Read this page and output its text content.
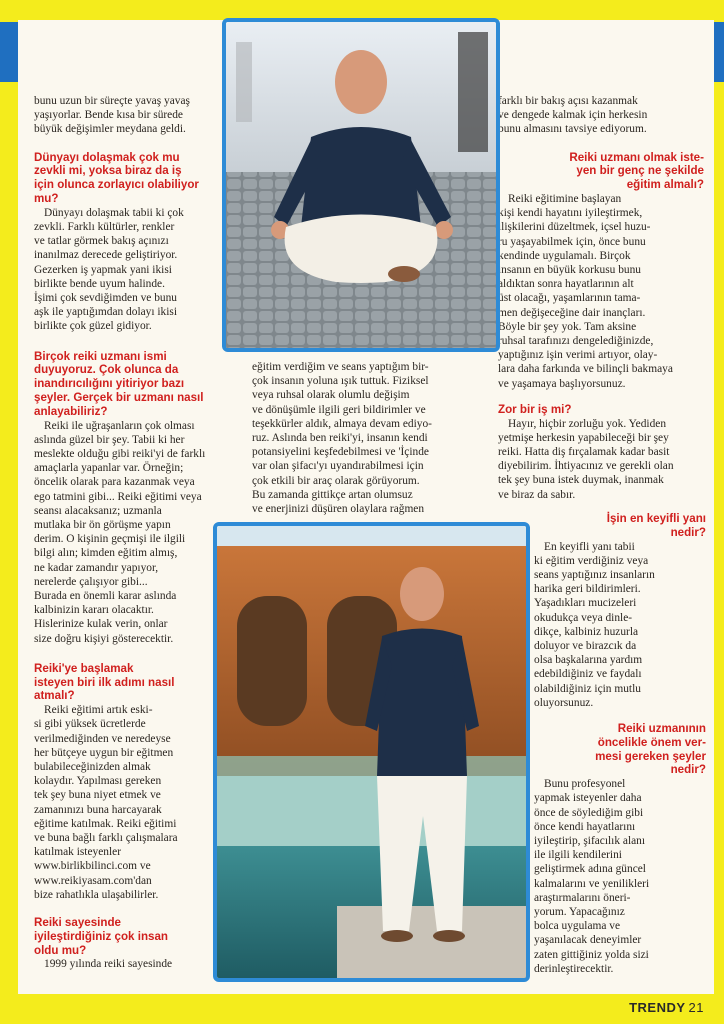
bunu uzun bir süreçte yavaş yavaş
yaşıyorlar. Bende kısa bir sürede
büyük değişimler meydana geldi.

Dünyayı dolaşmak çok mu
zevkli mi, yoksa biraz da iş
için olunca zorlayıcı olabiliyor
mu?

Dünyayı dolaşmak tabii ki çok
zevkli. Farklı kültürler, renkler
ve tatlar görmek bakış açınızı
inanılmaz derecede geliştiriyor.
Gezerken iş yapmak yani ikisi
birlikte bende uyum halinde.
İşimi çok sevdiğimden ve bunu
aşk ile yaptığımdan dolayı ikisi
birlikte çok güzel gidiyor.

Birçok reiki uzmanı ismi
duyuyoruz. Çok olunca da
inandırıcılığını yitiriyor bazı
şeyler. Gerçek bir uzmanı nasıl
anlayabiliriz?

Reiki ile uğraşanların çok olması
aslında güzel bir şey. Tabii ki her
meslekte olduğu gibi reiki'yi de farklı
amaçlarla yapanlar var. Örneğin;
öncelik olarak para kazanmak veya
ego tatmini gibi... Reiki eğitimi veya
seansı alacaksanız; uzmanla
mutlaka bir ön görüşme yapın
derim. O kişinin geçmişi ile ilgili
bilgi alın; kimden eğitim almış,
ne kadar zamandır yapıyor,
nerelerde çalışıyor gibi...
Burada en önemli karar aslında
kalbinizin kararı olacaktır.
Hislerinize kulak verin, onlar
size doğru kişiyi gösterecektir.

Reiki'ye başlamak
isteyen biri ilk adımı nasıl
atmalı?

Reiki eğitimi artık eski-
si gibi yüksek ücretlerde
verilmediğinden ve neredeyse
her bütçeye uygun bir eğitmen
bulabileceğinizden almak
kolaydır. Yapılması gereken
tek şey buna niyet etmek ve
zamanınızı buna harcayarak
eğitime katılmak. Reiki eğitimi
ve buna bağlı farklı çalışmalara
katılmak isteyenler
www.birlikbilinci.com ve
www.reikiyasam.com'dan
bize rahatlıkla ulaşabilirler.

Reiki sayesinde
iyileştirdiğiniz çok insan
oldu mu?

1999 yılında reiki sayesinde

eğitim verdiğim ve seans yaptığım bir-
çok insanın yoluna ışık tuttuk. Fiziksel
veya ruhsal olarak olumlu değişim
ve dönüşümle ilgili geri bildirimler ve
teşekkürler aldık, almaya devam ediyo-
ruz. Aslında ben reiki'yi, insanın kendi
potansiyelini keşfedebilmesi ve 'İçinde
var olan şifacı'yı uyandırabilmesi için
çok etkili bir araç olarak görüyorum.
Bu zamanda gittikçe artan olumsuz
ve enerjinizi düşüren olaylara rağmen

farklı bir bakış açısı kazanmak
ve dengede kalmak için herkesin
bunu almasını tavsiye ediyorum.

Reiki uzmanı olmak iste-
yen bir genç ne şekilde
eğitim almalı?

Reiki eğitimine başlayan
kişi kendi hayatını iyileştirmek,
ilişkilerini düzeltmek, içsel huzu-
ru yaşayabilmek için, önce bunu
kendinde uygulamalı. Birçok
insanın en büyük korkusu bunu
aldıktan sonra hayatlarının alt
üst olacağı, yaşamlarının tama-
men değişeceğine dair inançları.
Böyle bir şey yok. Tam aksine
ruhsal tarafınızı dengelediğinizde,
yaptığınız işin verimi artıyor, olay-
lara daha farkında ve bilinçli bakmaya
ve yaşamaya başlıyorsunuz.

Zor bir iş mi?

Hayır, hiçbir zorluğu yok. Yediden
yetmişe herkesin yapabileceği bir şey
reiki. Hatta diş fırçalamak kadar basit
diyebilirim. İhtiyacınız ve gerekli olan
tek şey buna istek duymak, inanmak
ve biraz da sabır.

İşin en keyifli yanı
nedir?

En keyifli yanı tabii
ki eğitim verdiğiniz veya
seans yaptığınız insanların
harika geri bildirimleri.
Yaşadıkları mucizeleri
okudukça veya dinle-
dikçe, kalbiniz huzurla
doluyor ve birazcık da
olsa başkalarına yardım
edebildiğiniz ve faydalı
olabildiğiniz için mutlu
oluyorsunuz.

Reiki uzmanının
öncelikle önem ver-
mesi gereken şeyler
nedir?

Bunu profesyonel
yapmak isteyenler daha
önce de söylediğim gibi
önce kendi hayatlarını
iyileştirip, şifacılık alanı
ile ilgili kendilerini
geliştirmek adına güncel
kalmalarını ve yenilikleri
araştırmalarını öneri-
yorum. Yapacağınız
bolca uygulama ve
yaşanılacak deneyimler
zaten gittiğiniz yolda sizi
derinleştirecektir.

TRENDY 21
